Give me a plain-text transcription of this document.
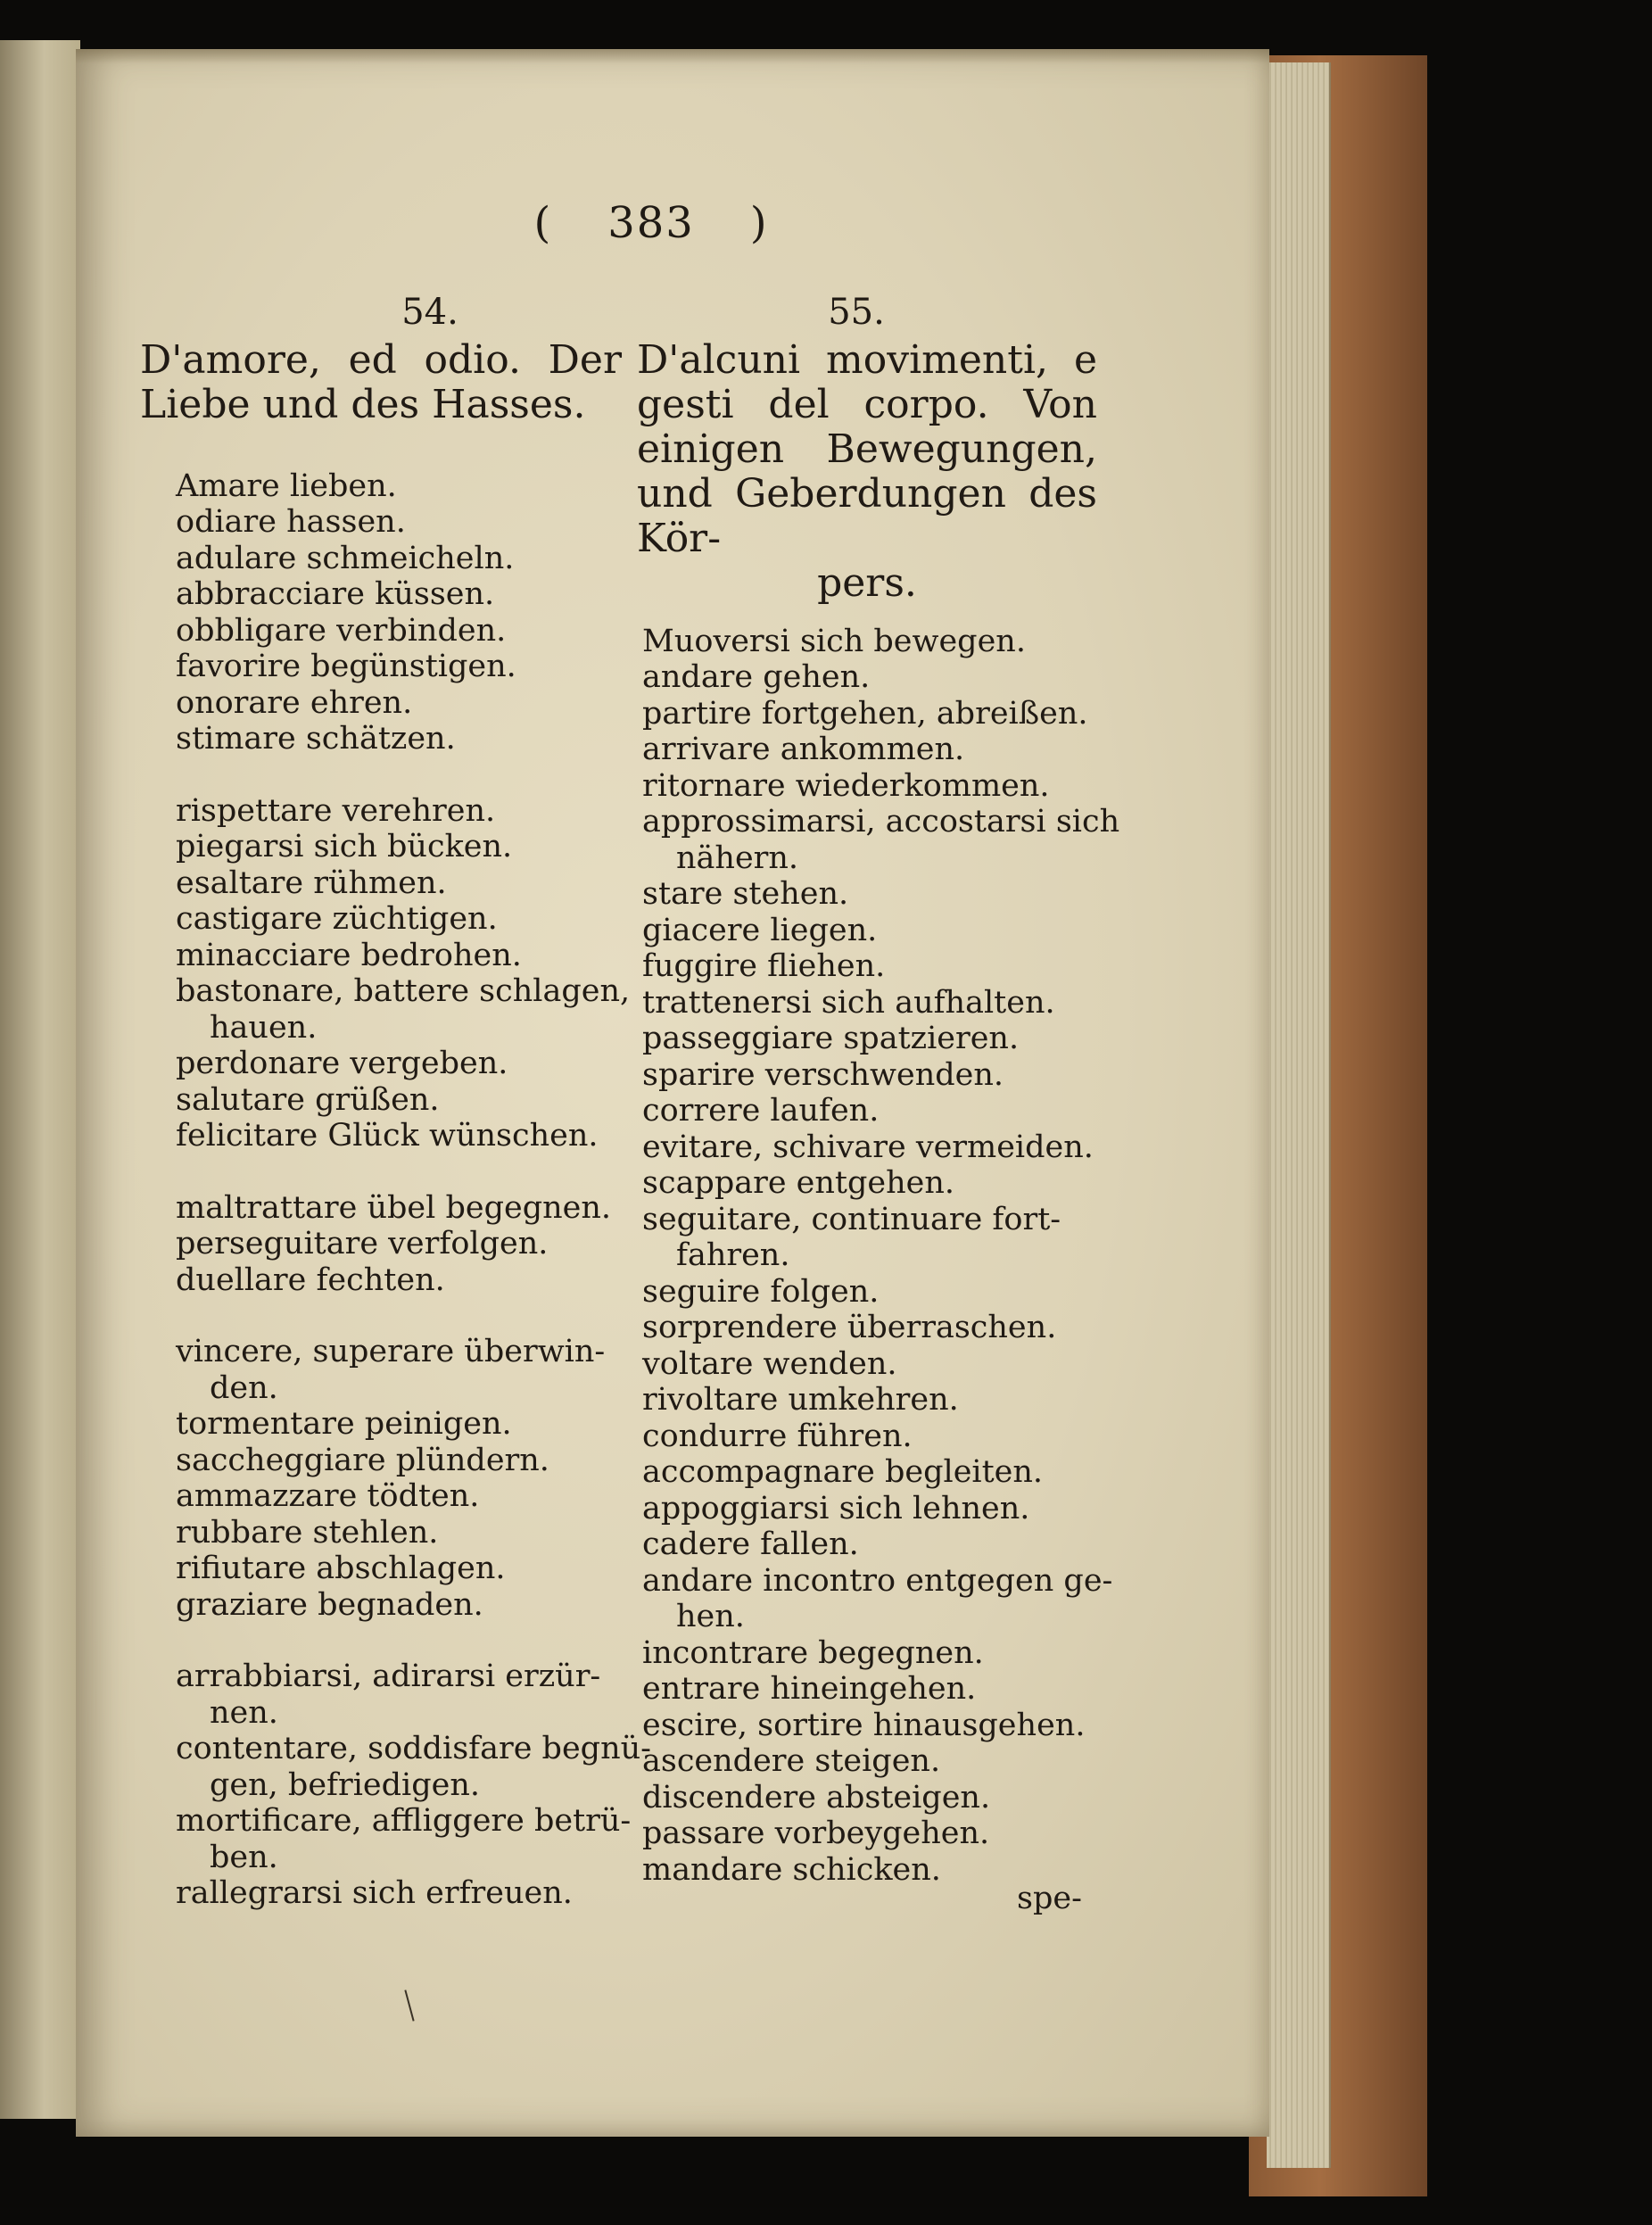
( 383 )
54.
D'amore, ed odio. Der Liebe und des Hasses.
Amare lieben.
odiare hassen.
adulare schmeicheln.
abbracciare küssen.
obbligare verbinden.
favorire begünstigen.
onorare ehren.
stimare schätzen.
rispettare verehren.
piegarsi sich bücken.
esaltare rühmen.
castigare züchtigen.
minacciare bedrohen.
bastonare, battere schlagen,
hauen.
perdonare vergeben.
salutare grüßen.
felicitare Glück wünschen.
maltrattare übel begegnen.
perseguitare verfolgen.
duellare fechten.
vincere, superare überwin-
den.
tormentare peinigen.
saccheggiare plündern.
ammazzare tödten.
rubbare stehlen.
rifiutare abschlagen.
graziare begnaden.
arrabbiarsi, adirarsi erzür-
nen.
contentare, soddisfare begnü-
gen, befriedigen.
mortificare, affliggere betrü-
ben.
rallegrarsi sich erfreuen.
55.
D'alcuni movimenti, e gesti del corpo. Von einigen Bewegungen, und Geberdungen des Kör-
pers.
Muoversi sich bewegen.
andare gehen.
partire fortgehen, abreißen.
arrivare ankommen.
ritornare wiederkommen.
approssimarsi, accostarsi sich
nähern.
stare stehen.
giacere liegen.
fuggire fliehen.
trattenersi sich aufhalten.
passeggiare spatzieren.
sparire verschwenden.
correre laufen.
evitare, schivare vermeiden.
scappare entgehen.
seguitare, continuare fort-
fahren.
seguire folgen.
sorprendere überraschen.
voltare wenden.
rivoltare umkehren.
condurre führen.
accompagnare begleiten.
appoggiarsi sich lehnen.
cadere fallen.
andare incontro entgegen ge-
hen.
incontrare begegnen.
entrare hineingehen.
escire, sortire hinausgehen.
ascendere steigen.
discendere absteigen.
passare vorbeygehen.
mandare schicken.
spe-
